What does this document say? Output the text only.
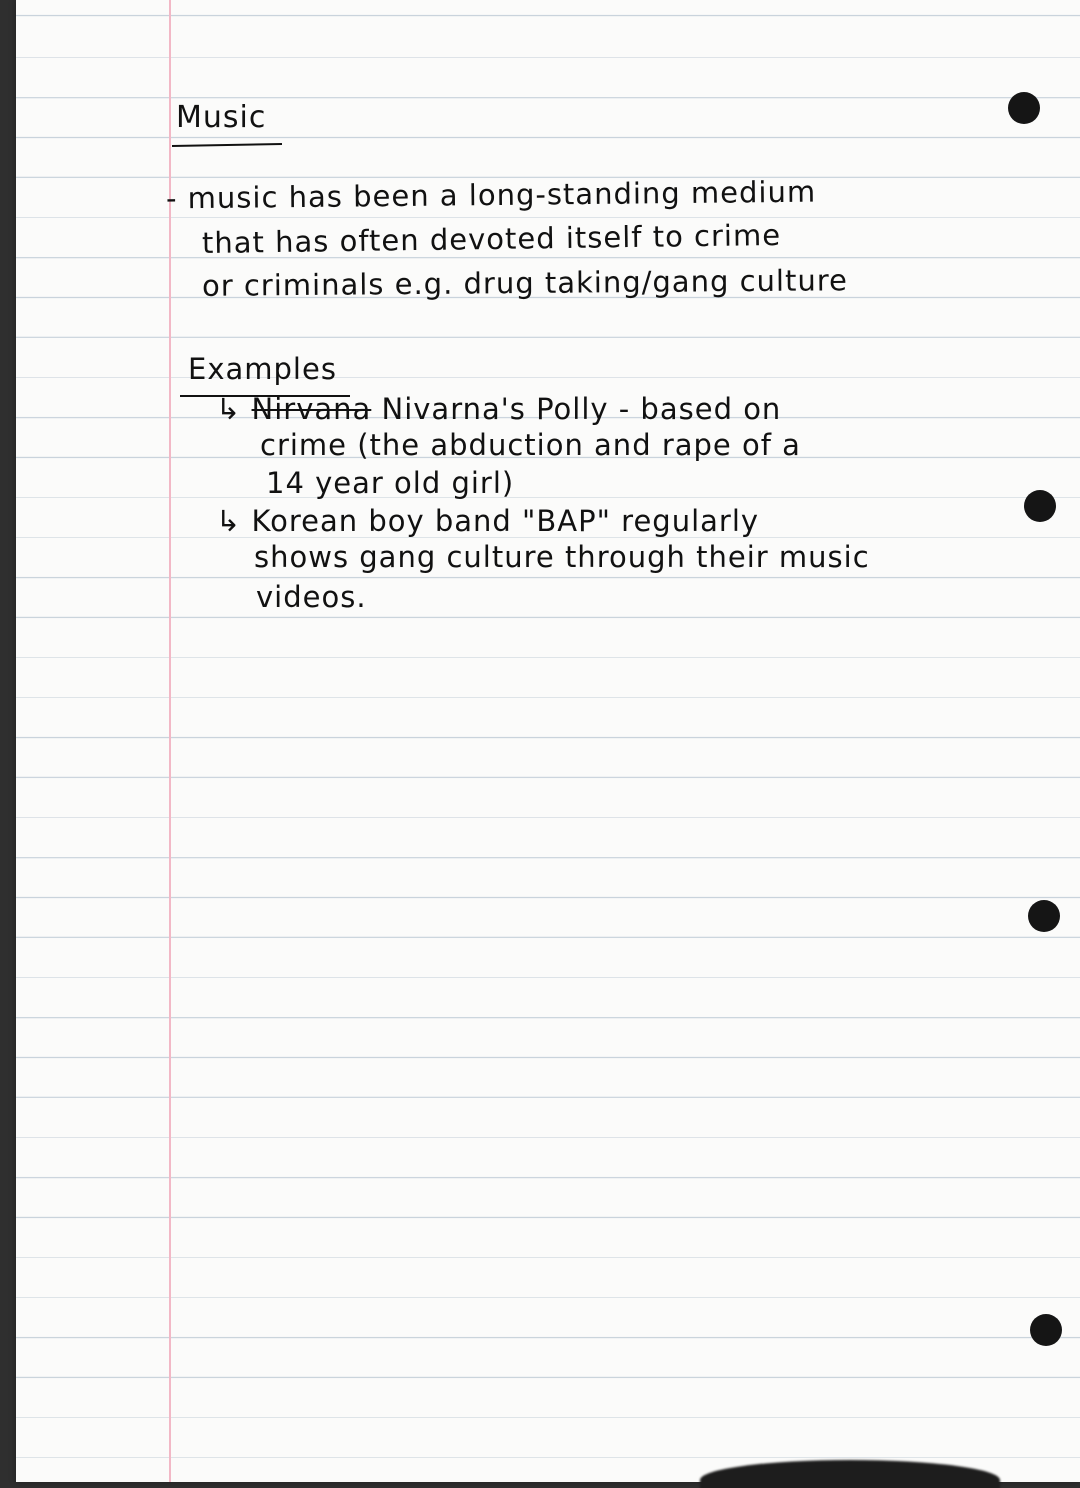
Music
- music has been a long-standing medium
that has often devoted itself to crime
or criminals e.g. drug taking/gang culture
Examples
↳ Nirvana Nivarna's Polly - based on
crime (the abduction and rape of a
14 year old girl)
↳ Korean boy band "BAP" regularly
shows gang culture through their music
videos.
